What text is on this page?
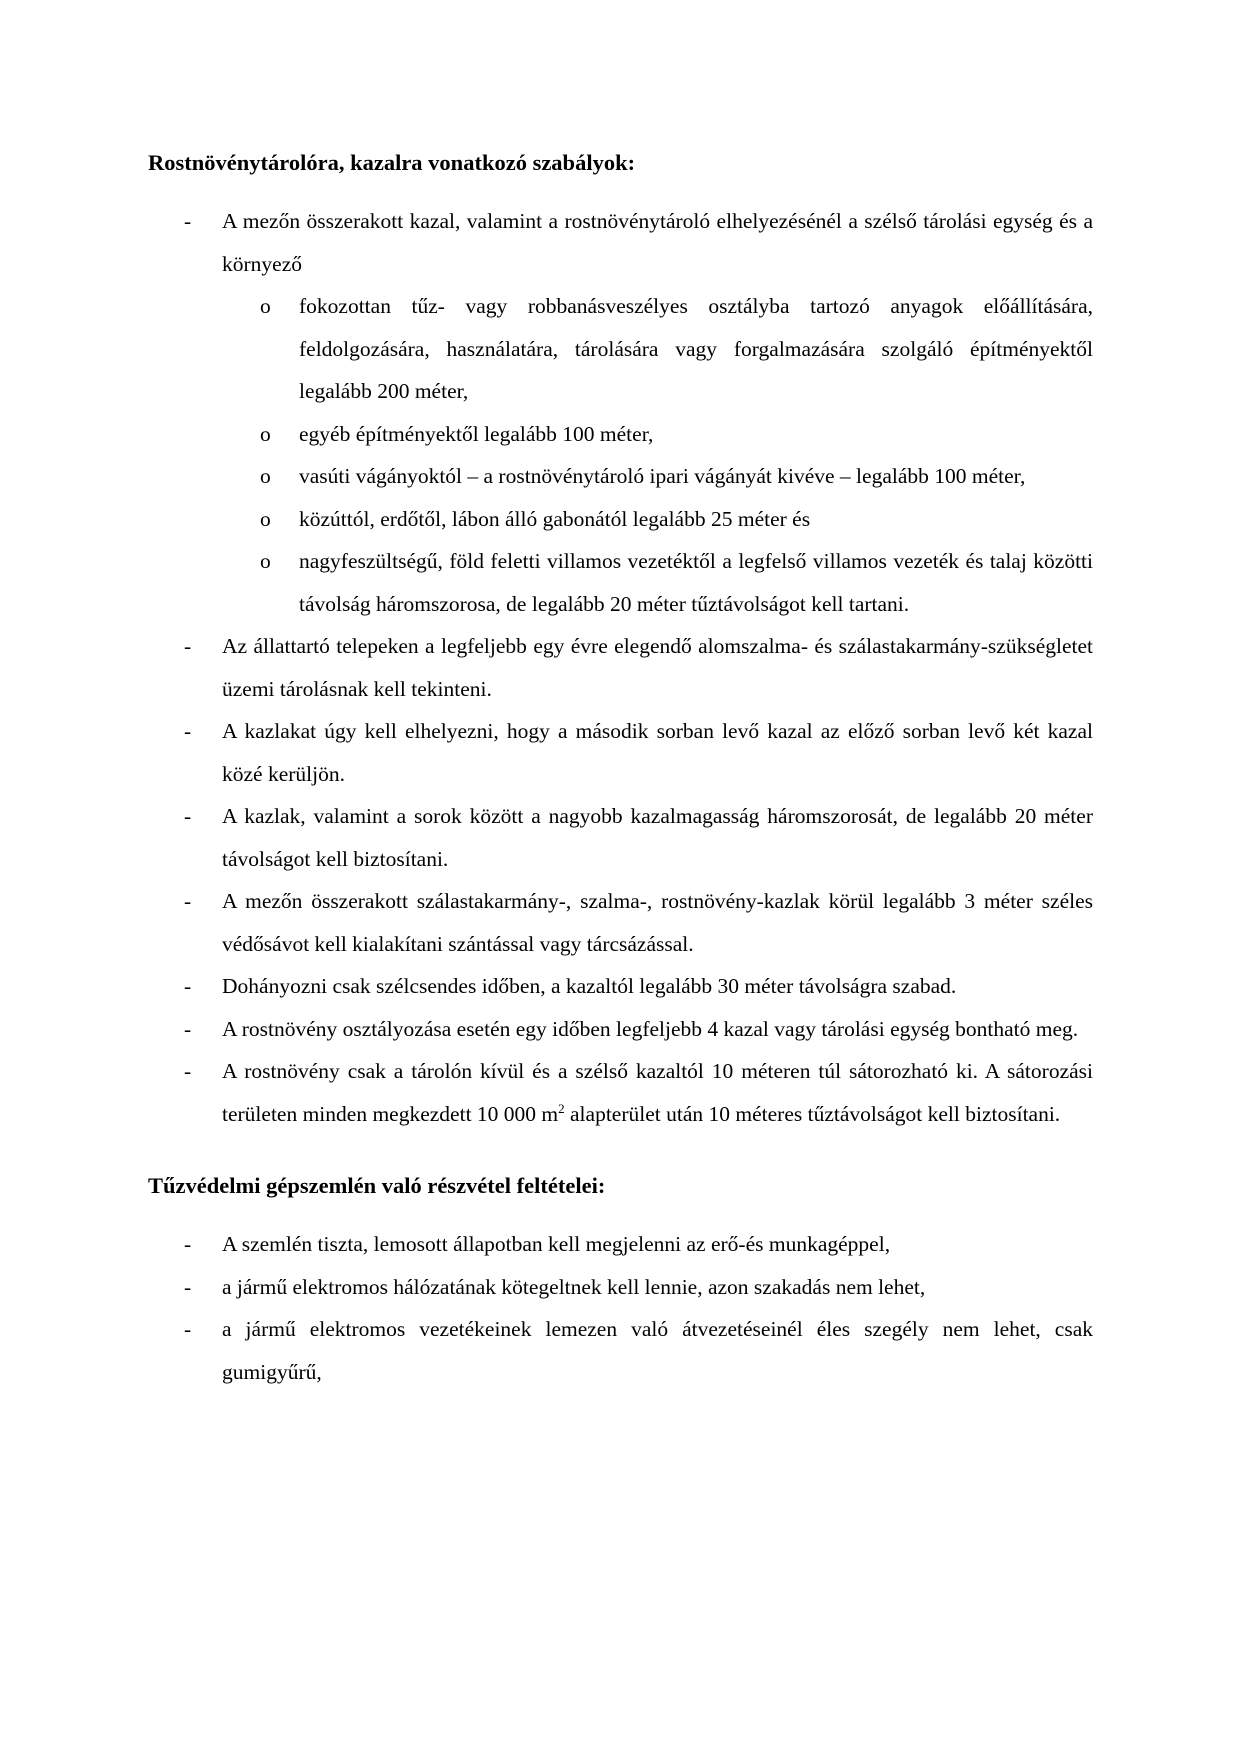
Rostnövénytárolóra, kazalra vonatkozó szabályok:
- A mezőn összerakott kazal, valamint a rostnövénytároló elhelyezésénél a szélső tárolási egység és a környező
o fokozottan tűz- vagy robbanásveszélyes osztályba tartozó anyagok előállítására, feldolgozására, használatára, tárolására vagy forgalmazására szolgáló építményektől legalább 200 méter,
o egyéb építményektől legalább 100 méter,
o vasúti vágányoktól – a rostnövénytároló ipari vágányát kivéve – legalább 100 méter,
o közúttól, erdőtől, lábon álló gabonától legalább 25 méter és
o nagyfeszültségű, föld feletti villamos vezetéktől a legfelső villamos vezeték és talaj közötti távolság háromszorosa, de legalább 20 méter tűztávolságot kell tartani.
- Az állattartó telepeken a legfeljebb egy évre elegendő alomszalma- és szálastakarmány-szükségletet üzemi tárolásnak kell tekinteni.
- A kazlakat úgy kell elhelyezni, hogy a második sorban levő kazal az előző sorban levő két kazal közé kerüljön.
- A kazlak, valamint a sorok között a nagyobb kazalmagasság háromszorosát, de legalább 20 méter távolságot kell biztosítani.
- A mezőn összerakott szálastakarmány-, szalma-, rostnövény-kazlak körül legalább 3 méter széles védősávot kell kialakítani szántással vagy tárcsázással.
- Dohányozni csak szélcsendes időben, a kazaltól legalább 30 méter távolságra szabad.
- A rostnövény osztályozása esetén egy időben legfeljebb 4 kazal vagy tárolási egység bontható meg.
- A rostnövény csak a tárolón kívül és a szélső kazaltól 10 méteren túl sátorozható ki. A sátorozási területen minden megkezdett 10 000 $m^2$ alapterület után 10 méteres tűztávolságot kell biztosítani.
Tűzvédelmi gépszemlén való részvétel feltételei:
- A szemlén tiszta, lemosott állapotban kell megjelenni az erő-és munkagéppel,
- a jármű elektromos hálózatának kötegeltnek kell lennie, azon szakadás nem lehet,
- a jármű elektromos vezetékeinek lemezen való átvezetéseinél éles szegély nem lehet, csak gumigyűrű,
